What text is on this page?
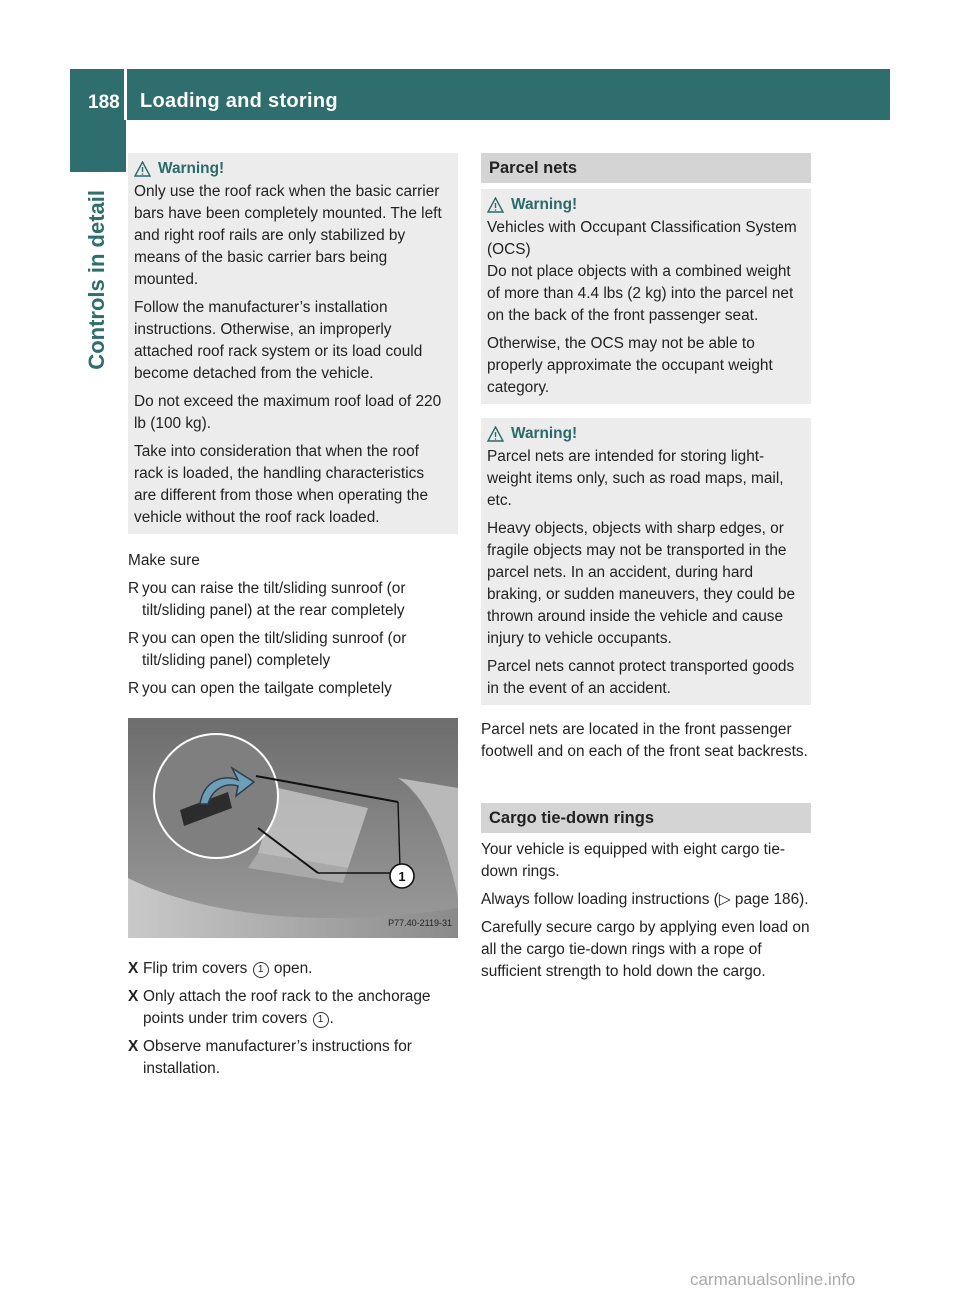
188 Loading and storing
Controls in detail
Warning!

Only use the roof rack when the basic carrier bars have been completely mounted. The left and right roof rails are only stabilized by means of the basic carrier bars being mounted.

Follow the manufacturer’s installation instructions. Otherwise, an improperly attached roof rack system or its load could become detached from the vehicle.

Do not exceed the maximum roof load of 220 lb (100 kg).

Take into consideration that when the roof rack is loaded, the handling characteristics are different from those when operating the vehicle without the roof rack loaded.

Make sure

R you can raise the tilt/sliding sunroof (or tilt/sliding panel) at the rear completely
R you can open the tilt/sliding sunroof (or tilt/sliding panel) completely
R you can open the tailgate completely
1
P77.40-2119-31
X Flip trim covers 1 open.
X Only attach the roof rack to the anchorage points under trim covers 1 .
X Observe manufacturer’s instructions for installation.
Parcel nets
Warning!

Vehicles with Occupant Classification System (OCS)
Do not place objects with a combined weight of more than 4.4 lbs (2 kg) into the parcel net on the back of the front passenger seat.

Otherwise, the OCS may not be able to properly approximate the occupant weight category.

Warning!

Parcel nets are intended for storing light-weight items only, such as road maps, mail, etc.

Heavy objects, objects with sharp edges, or fragile objects may not be transported in the parcel nets. In an accident, during hard braking, or sudden maneuvers, they could be thrown around inside the vehicle and cause injury to vehicle occupants.

Parcel nets cannot protect transported goods in the event of an accident.

Parcel nets are located in the front passenger footwell and on each of the front seat backrests.

Cargo tie-down rings

Your vehicle is equipped with eight cargo tie-down rings.

Always follow loading instructions (▷ page 186).

Carefully secure cargo by applying even load on all the cargo tie-down rings with a rope of sufficient strength to hold down the cargo.

carmanualsonline.info
